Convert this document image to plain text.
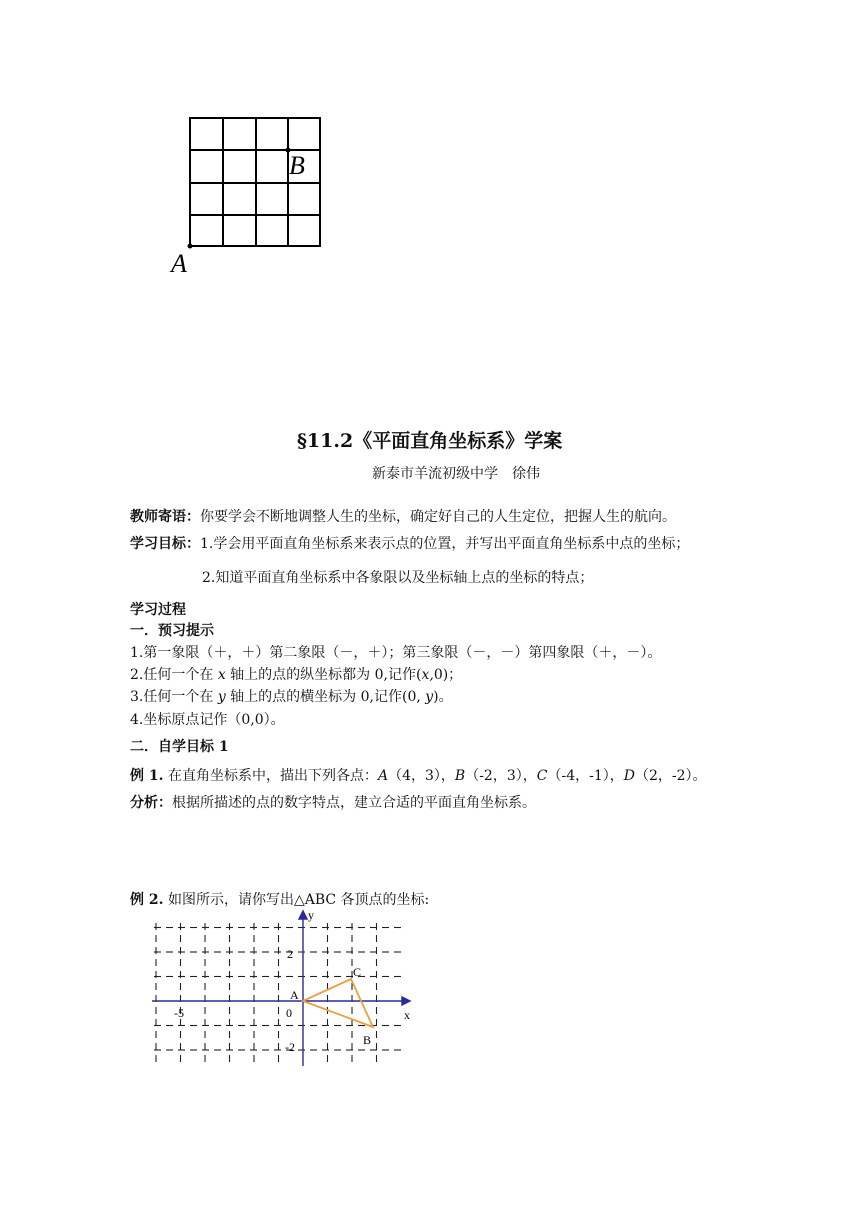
B
A
§11.2《平面直角坐标系》学案
新泰市羊流初级中学　徐伟
教师寄语：你要学会不断地调整人生的坐标，确定好自己的人生定位，把握人生的航向。
学习目标：1.学会用平面直角坐标系来表示点的位置，并写出平面直角坐标系中点的坐标；
2.知道平面直角坐标系中各象限以及坐标轴上点的坐标的特点；
学习过程
一．预习提示
1.第一象限（＋，＋）第二象限（－，＋）；第三象限（－，－）第四象限（＋，－）。
2.任何一个在 x 轴上的点的纵坐标都为 0,记作(x,0)；
3.任何一个在 y 轴上的点的横坐标为 0,记作(0, y)。
4.坐标原点记作（0,0）。
二．自学目标 1
例 1. 在直角坐标系中，描出下列各点：A（4，3），B（-2，3），C（-4，-1），D（2，-2）。
分析：根据所描述的点的数字特点，建立合适的平面直角坐标系。
例 2. 如图所示，请你写出△ABC 各顶点的坐标:
y
x
2
-5	0
-2
A
C
B
